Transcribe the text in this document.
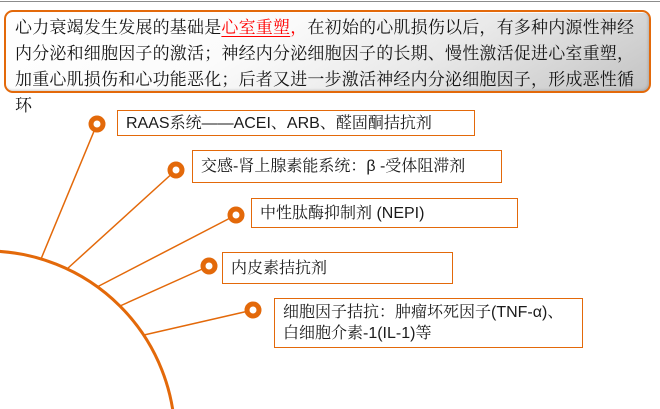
心力衰竭发生发展的基础是心室重塑，在初始的心肌损伤以后，有多种内源性神经内分泌和细胞因子的激活；神经内分泌细胞因子的长期、慢性激活促进心室重塑，加重心肌损伤和心功能恶化；后者又进一步激活神经内分泌细胞因子，形成恶性循环

RAAS系统——ACEI、ARB、醛固酮拮抗剂
交感-肾上腺素能系统：β -受体阻滞剂
中性肽酶抑制剂 (NEPI)
内皮素拮抗剂
细胞因子拮抗：肿瘤坏死因子(TNF-α)、白细胞介素-1(IL-1)等
